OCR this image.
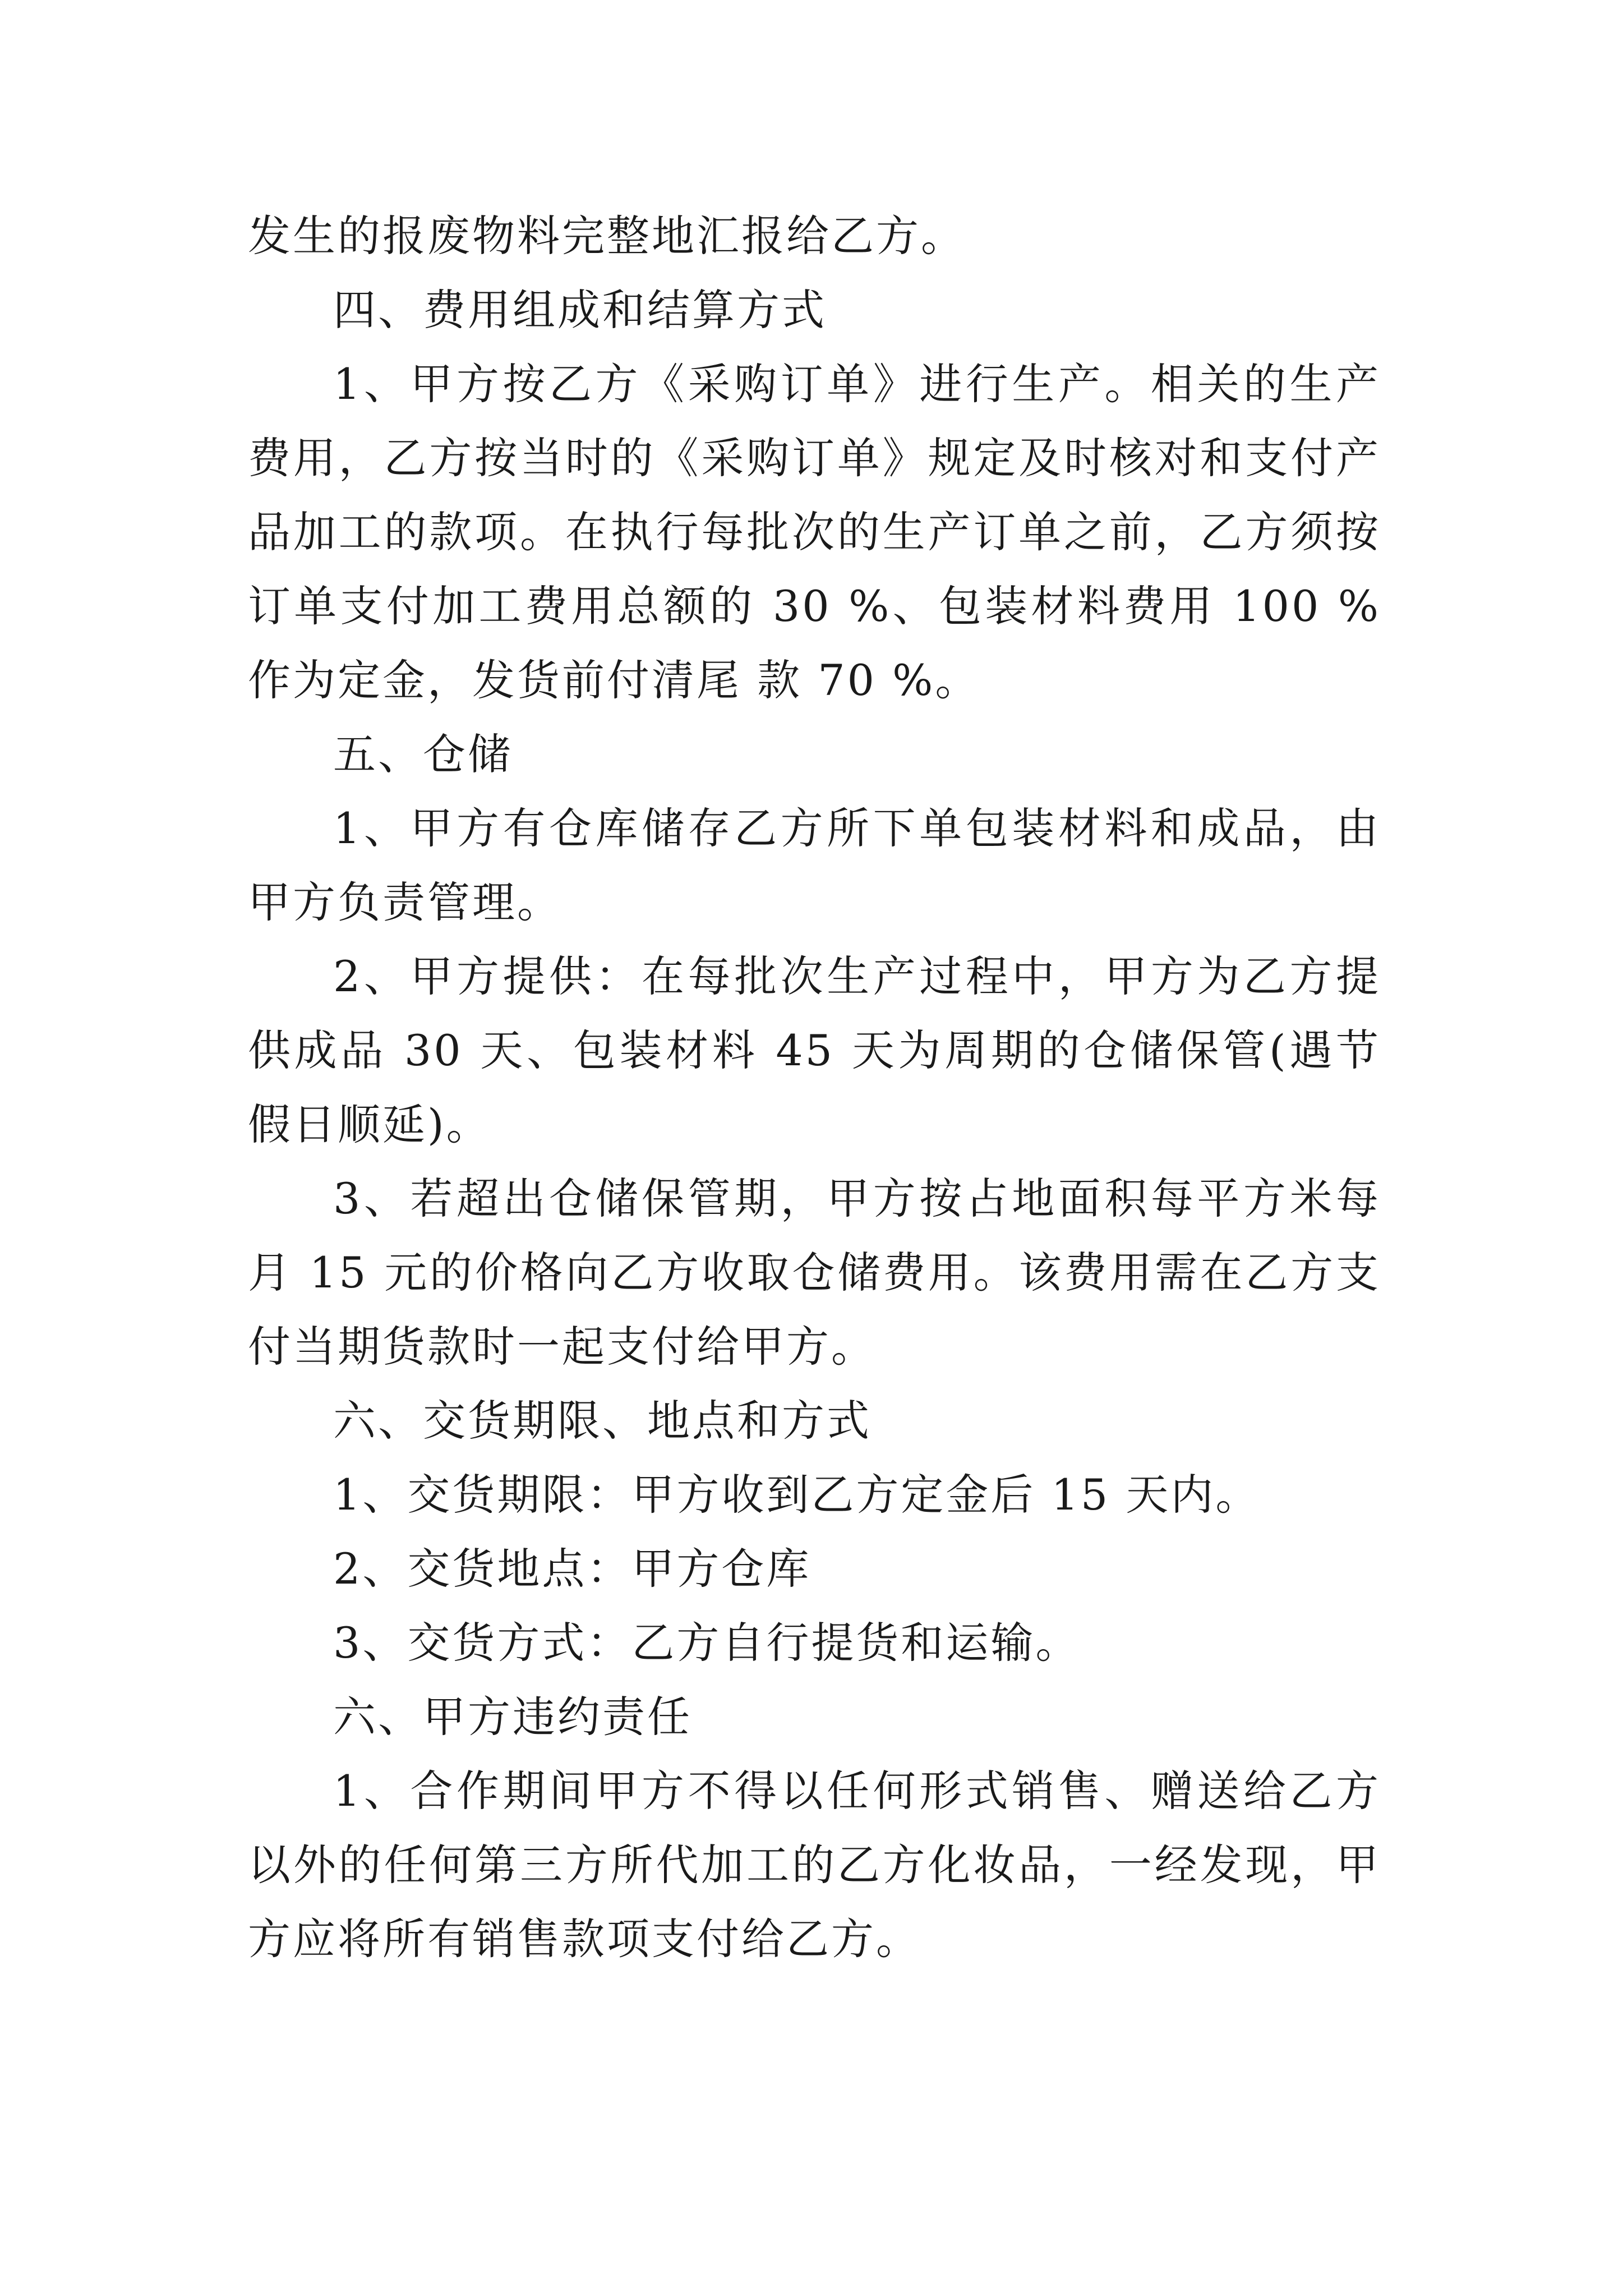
发生的报废物料完整地汇报给乙方。

四、费用组成和结算方式

1、甲方按乙方《采购订单》进行生产。相关的生产费用，乙方按当时的《采购订单》规定及时核对和支付产品加工的款项。在执行每批次的生产订单之前，乙方须按订单支付加工费用总额的 30 %、包装材料费用 100 %作为定金，发货前付清尾 款 70 %。

五、仓储

1、甲方有仓库储存乙方所下单包装材料和成品，由甲方负责管理。

2、甲方提供：在每批次生产过程中，甲方为乙方提供成品 30 天、包装材料 45 天为周期的仓储保管(遇节假日顺延)。

3、若超出仓储保管期，甲方按占地面积每平方米每月 15 元的价格向乙方收取仓储费用。该费用需在乙方支付当期货款时一起支付给甲方。

六、交货期限、地点和方式

1、交货期限：甲方收到乙方定金后 15 天内。

2、交货地点：甲方仓库

3、交货方式：乙方自行提货和运输。

六、甲方违约责任

1、合作期间甲方不得以任何形式销售、赠送给乙方以外的任何第三方所代加工的乙方化妆品，一经发现，甲方应将所有销售款项支付给乙方。
